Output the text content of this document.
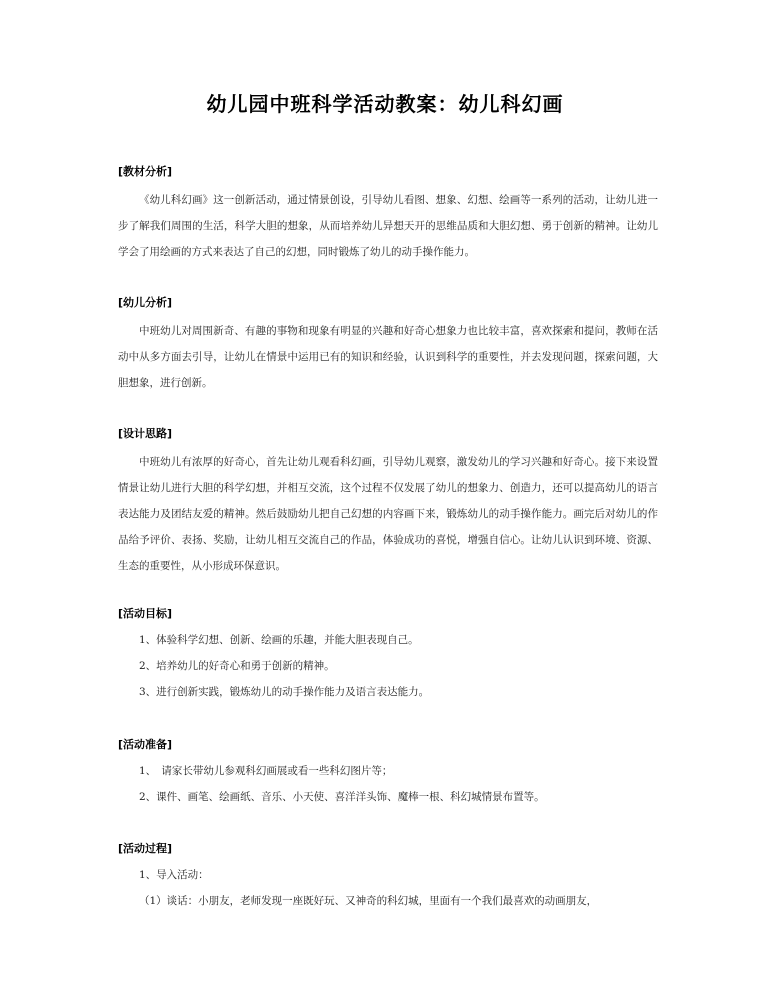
幼儿园中班科学活动教案：幼儿科幻画
[教材分析]
《幼儿科幻画》这一创新活动，通过情景创设，引导幼儿看图、想象、幻想、绘画等一系列的活动，让幼儿进一步了解我们周围的生活，科学大胆的想象，从而培养幼儿异想天开的思维品质和大胆幻想、勇于创新的精神。让幼儿学会了用绘画的方式来表达了自己的幻想，同时锻炼了幼儿的动手操作能力。
[幼儿分析]
中班幼儿对周围新奇、有趣的事物和现象有明显的兴趣和好奇心想象力也比较丰富，喜欢探索和提问，教师在活动中从多方面去引导，让幼儿在情景中运用已有的知识和经验，认识到科学的重要性，并去发现问题，探索问题，大胆想象，进行创新。
[设计思路]
中班幼儿有浓厚的好奇心，首先让幼儿观看科幻画，引导幼儿观察，激发幼儿的学习兴趣和好奇心。接下来设置情景让幼儿进行大胆的科学幻想，并相互交流，这个过程不仅发展了幼儿的想象力、创造力，还可以提高幼儿的语言表达能力及团结友爱的精神。然后鼓励幼儿把自己幻想的内容画下来，锻炼幼儿的动手操作能力。画完后对幼儿的作品给予评价、表扬、奖励，让幼儿相互交流自己的作品，体验成功的喜悦，增强自信心。让幼儿认识到环境、资源、生态的重要性，从小形成环保意识。
[活动目标]
1、体验科学幻想、创新、绘画的乐趣，并能大胆表现自己。
2、培养幼儿的好奇心和勇于创新的精神。
3、进行创新实践，锻炼幼儿的动手操作能力及语言表达能力。
[活动准备]
1、　请家长带幼儿参观科幻画展或看一些科幻图片等；
2、课件、画笔、绘画纸、音乐、小天使、喜洋洋头饰、魔棒一根、科幻城情景布置等。
[活动过程]
1、导入活动：
（1）谈话：小朋友，老师发现一座既好玩、又神奇的科幻城，里面有一个我们最喜欢的动画朋友，
